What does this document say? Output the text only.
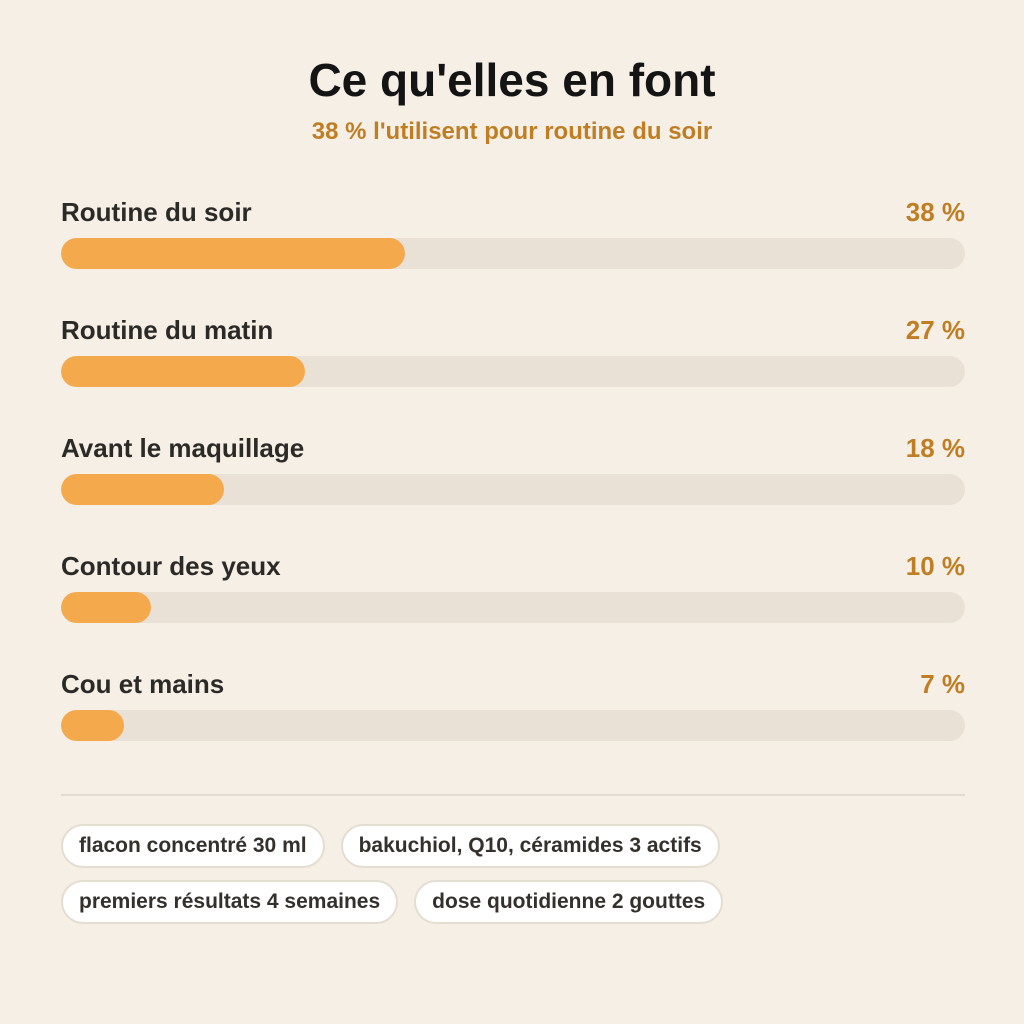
Ce qu'elles en font
38 % l'utilisent pour routine du soir
Routine du soir	38 %
Routine du matin	27 %
Avant le maquillage	18 %
Contour des yeux	10 %
Cou et mains	7 %
flacon concentré 30 ml	bakuchiol, Q10, céramides 3 actifs
premiers résultats 4 semaines	dose quotidienne 2 gouttes
